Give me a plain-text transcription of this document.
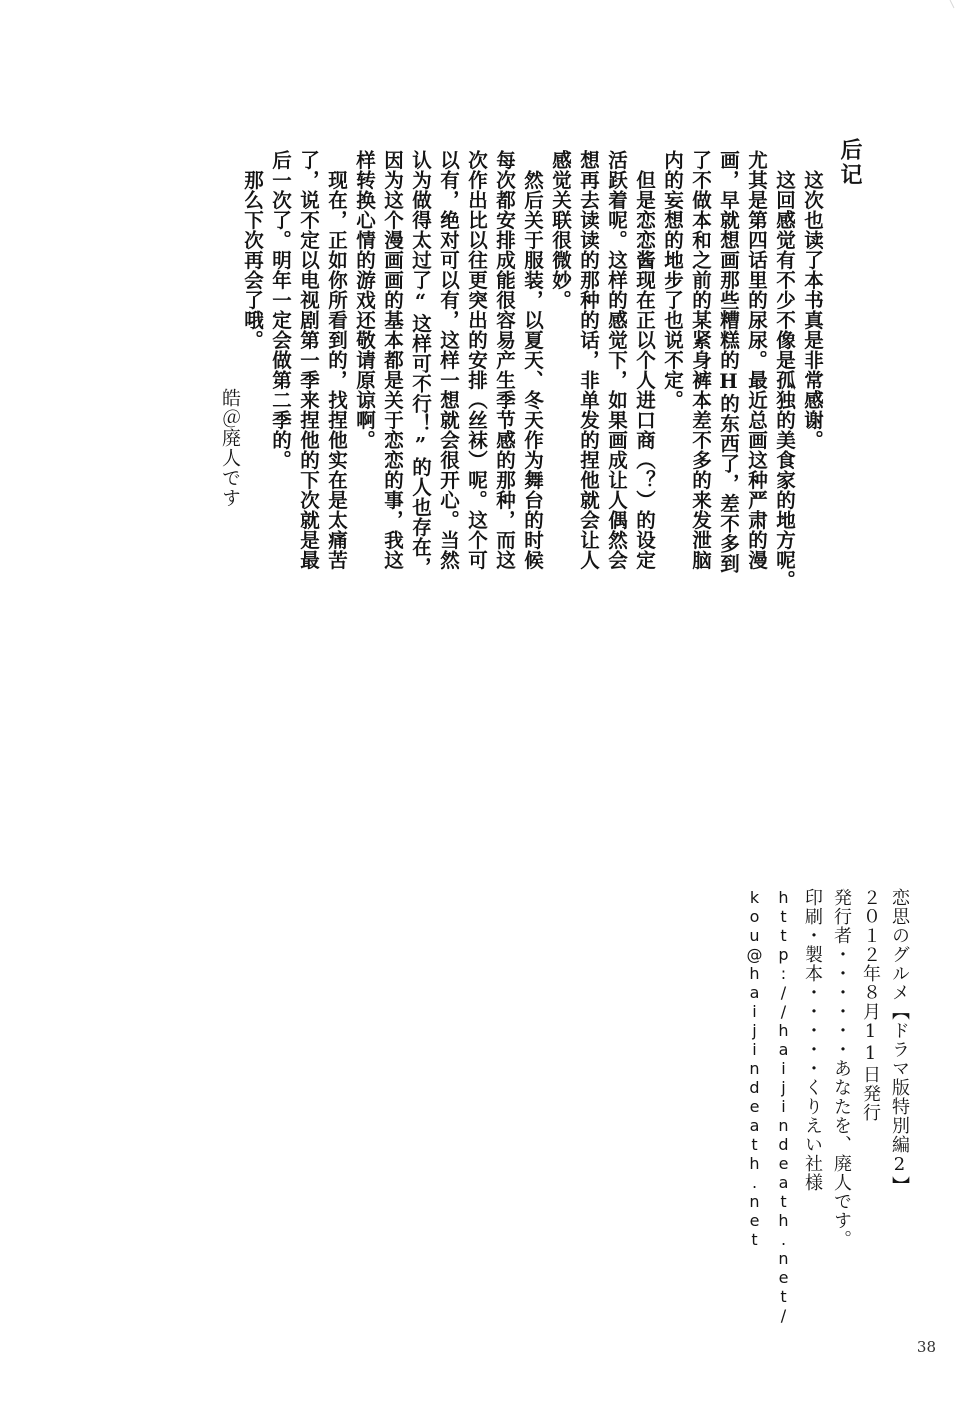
后记

　这次也读了本书真是非常感谢。

　这回感觉有不少不像是孤独的美食家的地方呢。

尤其是第四话里的尿尿。最近总画这种严肃的漫

画，早就想画那些糟糕的H的东西了，差不多到

了不做本和之前的某紧身裤本差不多的来发泄脑

内的妄想的地步了也说不定。

　但是恋恋酱现在正以个人进口商（？）的设定

活跃着呢。这样的感觉下，如果画成让人偶然会

想再去读读的那种的话，非单发的捏他就会让人

感觉关联很微妙。

　然后关于服装，以夏天、冬天作为舞台的时候

每次都安排成能很容易产生季节感的那种，而这

次作出比以往更突出的安排（丝袜）呢。这个可

以有，绝对可以有，这样一想就会很开心。当然

认为做得太过了“这样可不行！”的人也存在，

因为这个漫画画的基本都是关于恋恋的事，我这

样转换心情的游戏还敬请原谅啊。

　现在，正如你所看到的，找捏他实在是太痛苦

了，说不定以电视剧第一季来捏他的下次就是最

后一次了。明年一定会做第二季的。

　那么下次再会了哦。

皓＠廃人です

恋思のグルメ【ドラマ版特別編2】

２０１２年８月11日発行

発行者・・・・・・あなたを、廃人です。

印刷・製本・・・・・くりえい社様

http://haijindeath.net/

kou@haijindeath.net

38
